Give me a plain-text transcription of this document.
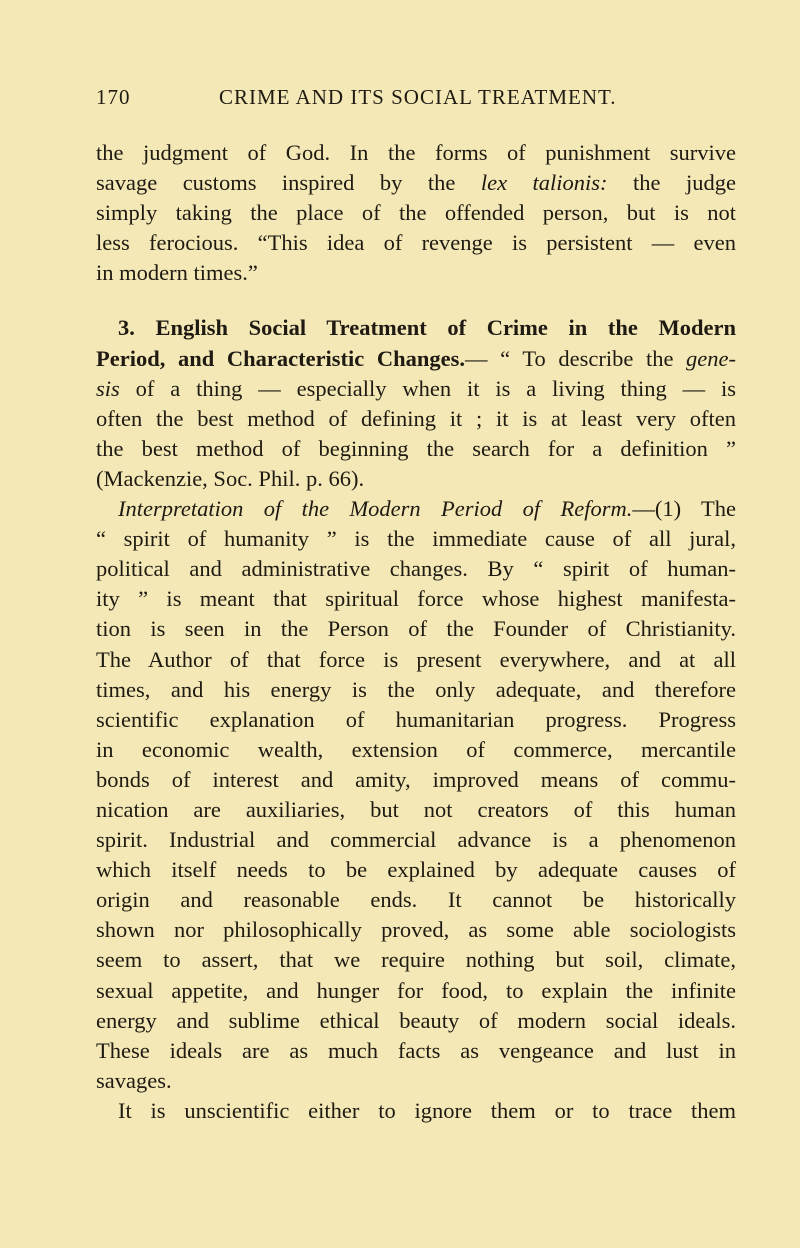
170	CRIME AND ITS SOCIAL TREATMENT.
the judgment of God. In the forms of punishment survive
savage customs inspired by the lex talionis: the judge
simply taking the place of the offended person, but is not
less ferocious. “This idea of revenge is persistent — even
in modern times.”
3. English Social Treatment of Crime in the Modern
Period, and Characteristic Changes.— “ To describe the gene-
sis of a thing — especially when it is a living thing — is
often the best method of defining it ; it is at least very often
the best method of beginning the search for a definition ”
(Mackenzie, Soc. Phil. p. 66).
Interpretation of the Modern Period of Reform.—(1) The
“ spirit of humanity ” is the immediate cause of all jural,
political and administrative changes. By “ spirit of human-
ity ” is meant that spiritual force whose highest manifesta-
tion is seen in the Person of the Founder of Christianity.
The Author of that force is present everywhere, and at all
times, and his energy is the only adequate, and therefore
scientific explanation of humanitarian progress. Progress
in economic wealth, extension of commerce, mercantile
bonds of interest and amity, improved means of commu-
nication are auxiliaries, but not creators of this human
spirit. Industrial and commercial advance is a phenomenon
which itself needs to be explained by adequate causes of
origin and reasonable ends. It cannot be historically
shown nor philosophically proved, as some able sociologists
seem to assert, that we require nothing but soil, climate,
sexual appetite, and hunger for food, to explain the infinite
energy and sublime ethical beauty of modern social ideals.
These ideals are as much facts as vengeance and lust in
savages.
It is unscientific either to ignore them or to trace them
